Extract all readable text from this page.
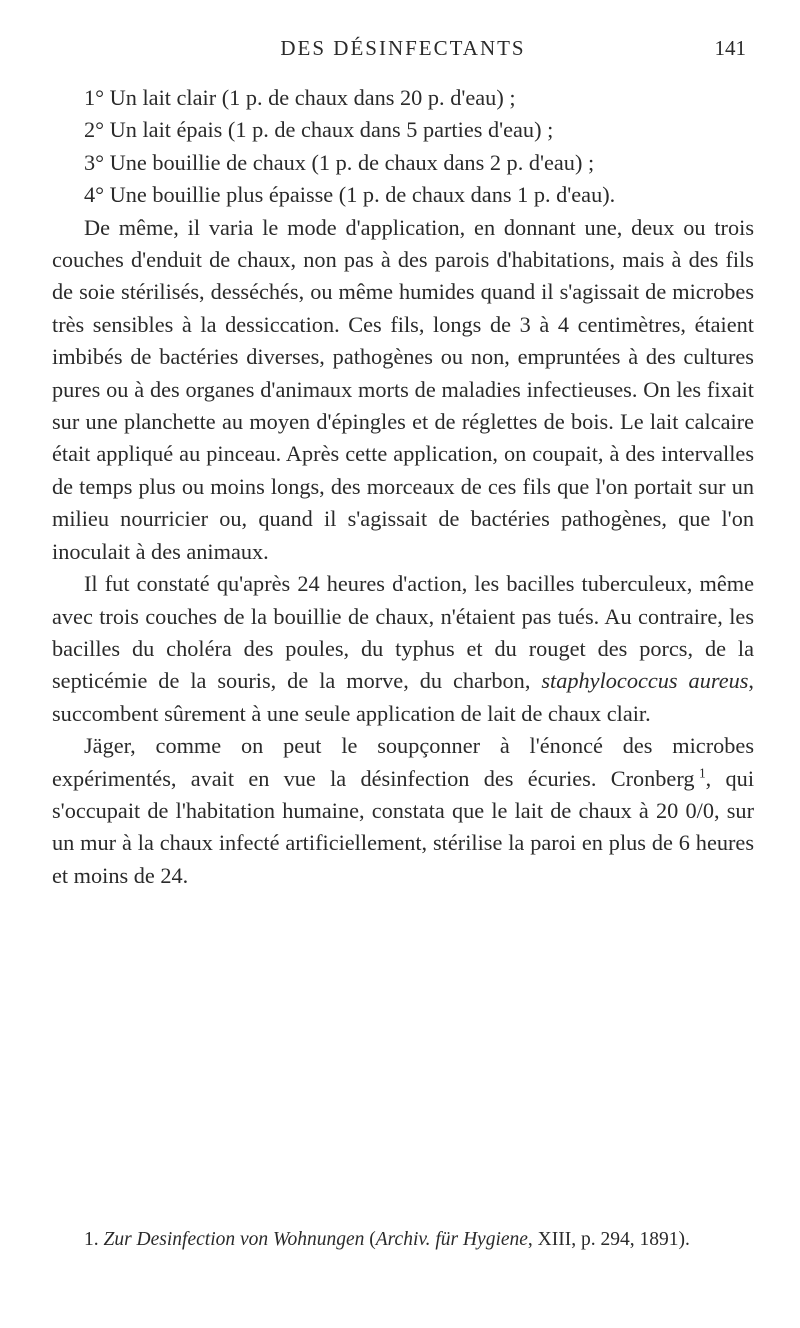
DES DÉSINFECTANTS	141

1° Un lait clair (1 p. de chaux dans 20 p. d'eau) ;

2° Un lait épais (1 p. de chaux dans 5 parties d'eau) ;

3° Une bouillie de chaux (1 p. de chaux dans 2 p. d'eau) ;

4° Une bouillie plus épaisse (1 p. de chaux dans 1 p. d'eau).

De même, il varia le mode d'application, en donnant une, deux ou trois couches d'enduit de chaux, non pas à des parois d'habitations, mais à des fils de soie stérilisés, desséchés, ou même humides quand il s'agissait de microbes très sensibles à la dessiccation. Ces fils, longs de 3 à 4 centimètres, étaient imbibés de bactéries diverses, pathogènes ou non, empruntées à des cultures pures ou à des organes d'animaux morts de maladies infectieuses. On les fixait sur une planchette au moyen d'épingles et de réglettes de bois. Le lait calcaire était appliqué au pinceau. Après cette application, on coupait, à des intervalles de temps plus ou moins longs, des morceaux de ces fils que l'on portait sur un milieu nourricier ou, quand il s'agissait de bactéries pathogènes, que l'on inoculait à des animaux.

Il fut constaté qu'après 24 heures d'action, les bacilles tuberculeux, même avec trois couches de la bouillie de chaux, n'étaient pas tués. Au contraire, les bacilles du choléra des poules, du typhus et du rouget des porcs, de la septicémie de la souris, de la morve, du charbon, staphylococcus aureus, succombent sûrement à une seule application de lait de chaux clair.

Jäger, comme on peut le soupçonner à l'énoncé des microbes expérimentés, avait en vue la désinfection des écuries. Cronberg  $^1$, qui s'occupait de l'habitation humaine, constata que le lait de chaux à 20 0/0, sur un mur à la chaux infecté artificiellement, stérilise la paroi en plus de 6 heures et moins de 24.

1. Zur Desinfection von Wohnungen (Archiv. für Hygiene, XIII, p. 294, 1891).
